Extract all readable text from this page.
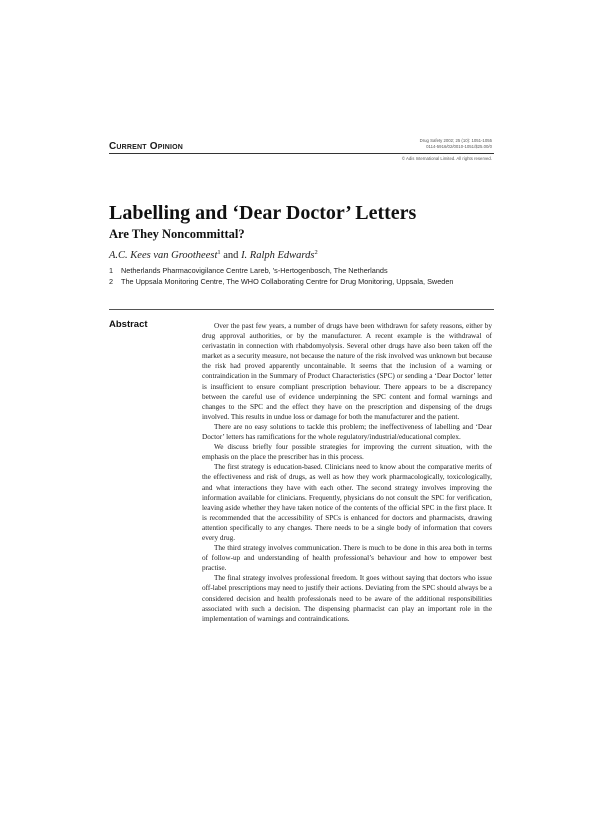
Current Opinion
Drug Safety 2002; 25 (10): 1051-1055
0114-5916/02/0010-1051/$25.00/0
© Adis International Limited. All rights reserved.
Labelling and ‘Dear Doctor’ Letters
Are They Noncommittal?
A.C. Kees van Grootheest$^1$ and I. Ralph Edwards$^2$
1	Netherlands Pharmacovigilance Centre Lareb, ’s-Hertogenbosch, The Netherlands
2	The Uppsala Monitoring Centre, The WHO Collaborating Centre for Drug Monitoring, Uppsala, Sweden
Abstract	Over the past few years, a number of drugs have been withdrawn for safety reasons, either by drug approval authorities, or by the manufacturer. A recent example is the withdrawal of cerivastatin in connection with rhabdomyolysis. Several other drugs have also been taken off the market as a security measure, not because the nature of the risk involved was unknown but because the risk had proved apparently uncontainable. It seems that the inclusion of a warning or contraindication in the Summary of Product Characteristics (SPC) or sending a ‘Dear Doctor’ letter is insufficient to ensure compliant prescription behaviour. There appears to be a discrepancy between the careful use of evidence underpinning the SPC content and formal warnings and changes to the SPC and the effect they have on the prescription and dispensing of the drugs involved. This results in undue loss or damage for both the manufacturer and the patient.

There are no easy solutions to tackle this problem; the ineffectiveness of labelling and ‘Dear Doctor’ letters has ramifications for the whole regulatory/industrial/educational complex.

We discuss briefly four possible strategies for improving the current situation, with the emphasis on the place the prescriber has in this process.

The first strategy is education-based. Clinicians need to know about the comparative merits of the effectiveness and risk of drugs, as well as how they work pharmacologically, toxicologically, and what interactions they have with each other. The second strategy involves improving the information available for clinicians. Frequently, physicians do not consult the SPC for verification, leaving aside whether they have taken notice of the contents of the official SPC in the first place. It is recommended that the accessibility of SPCs is enhanced for doctors and pharmacists, drawing attention specifically to any changes. There needs to be a single body of information that covers every drug.

The third strategy involves communication. There is much to be done in this area both in terms of follow-up and understanding of health professional’s behaviour and how to empower best practise.

The final strategy involves professional freedom. It goes without saying that doctors who issue off-label prescriptions may need to justify their actions. Deviating from the SPC should always be a considered decision and health professionals need to be aware of the additional responsibilities associated with such a decision. The dispensing pharmacist can play an important role in the implementation of warnings and contraindications.
